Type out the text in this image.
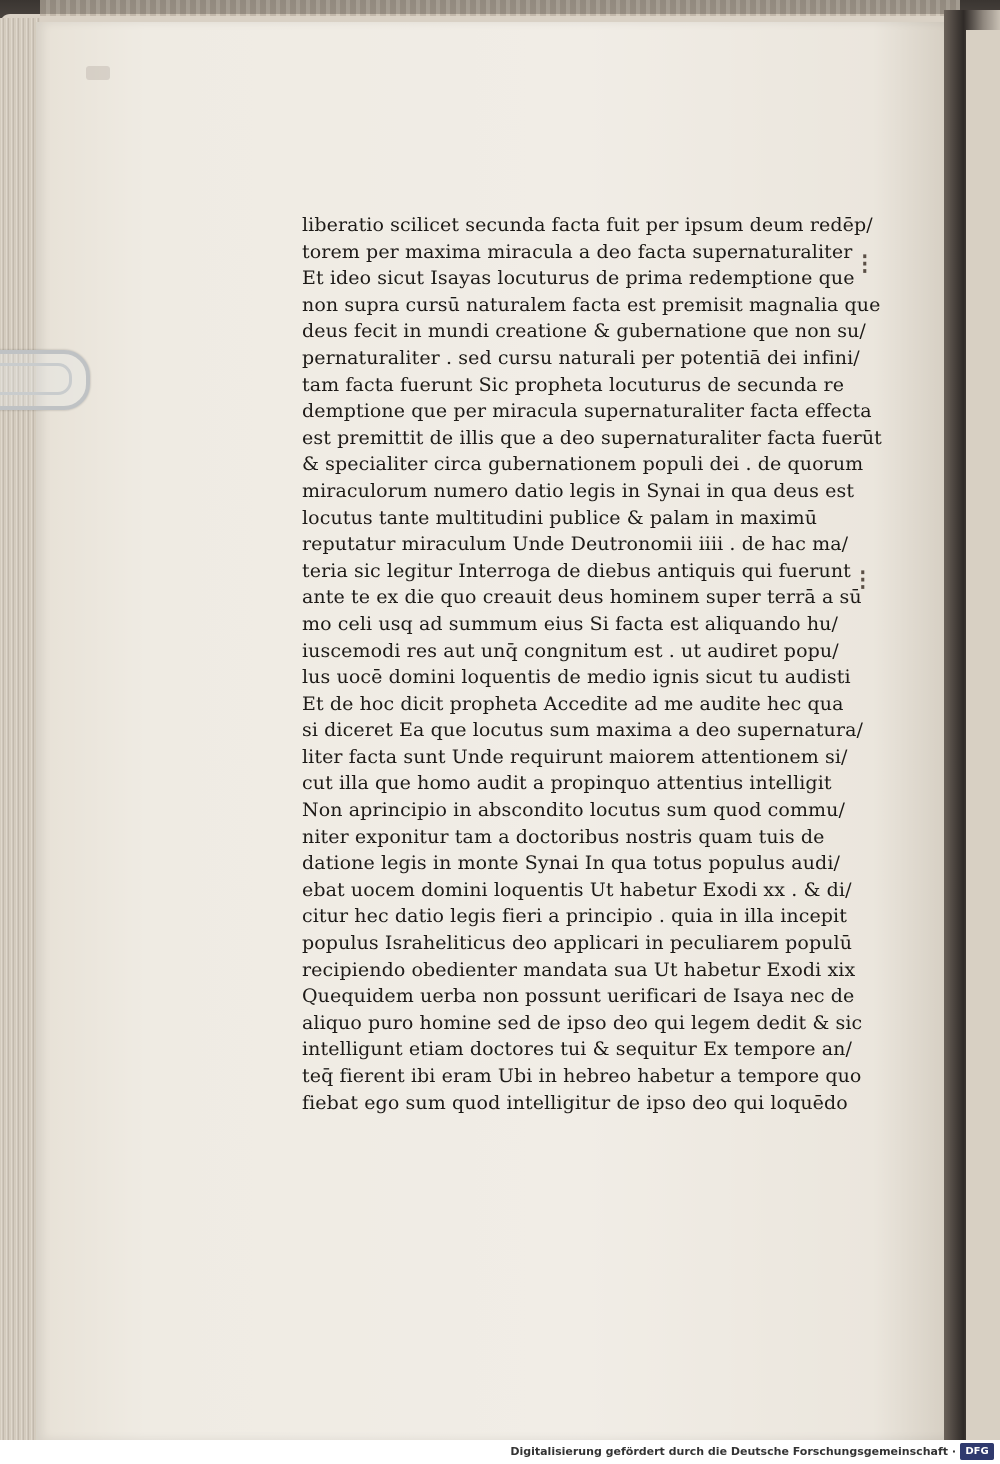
liberatio scilicet secunda facta fuit per ipsum deum redēp/
torem per maxima miracula a deo facta supernaturaliter
Et ideo sicut Isayas locuturus de prima redemptione que
non supra cursū naturalem facta est premisit magnalia que
deus fecit in mundi creatione & gubernatione que non su/
pernaturaliter . sed cursu naturali per potentiā dei infini/
tam facta fuerunt Sic propheta locuturus de secunda re
demptione que per miracula supernaturaliter facta effecta
est premittit de illis que a deo supernaturaliter facta fuerūt
& specialiter circa gubernationem populi dei . de quorum
miraculorum numero datio legis in Synai in qua deus est
locutus tante multitudini publice & palam in maximū
reputatur miraculum Unde Deutronomii iiii . de hac ma/
teria sic legitur Interroga de diebus antiquis qui fuerunt
ante te ex die quo creauit deus hominem super terrā a sū
mo celi usq ad summum eius Si facta est aliquando hu/
iuscemodi res aut unq̄ congnitum est . ut audiret popu/
lus uocē domini loquentis de medio ignis sicut tu audisti
Et de hoc dicit propheta Accedite ad me audite hec qua
si diceret Ea que locutus sum maxima a deo supernatura/
liter facta sunt Unde requirunt maiorem attentionem si/
cut illa que homo audit a propinquo attentius intelligit
Non aprincipio in abscondito locutus sum quod commu/
niter exponitur tam a doctoribus nostris quam tuis de
datione legis in monte Synai In qua totus populus audi/
ebat uocem domini loquentis Ut habetur Exodi xx . & di/
citur hec datio legis fieri a principio . quia in illa incepit
populus Israheliticus deo applicari in peculiarem populū
recipiendo obedienter mandata sua Ut habetur Exodi xix
Quequidem uerba non possunt uerificari de Isaya nec de
aliquo puro homine sed de ipso deo qui legem dedit & sic
intelligunt etiam doctores tui & sequitur Ex tempore an/
teq̄ fierent ibi eram Ubi in hebreo habetur a tempore quo
fiebat ego sum quod intelligitur de ipso deo qui loquēdo
⁝
⁝
Digitalisierung gefördert durch die Deutsche Forschungsgemeinschaft · DFG
